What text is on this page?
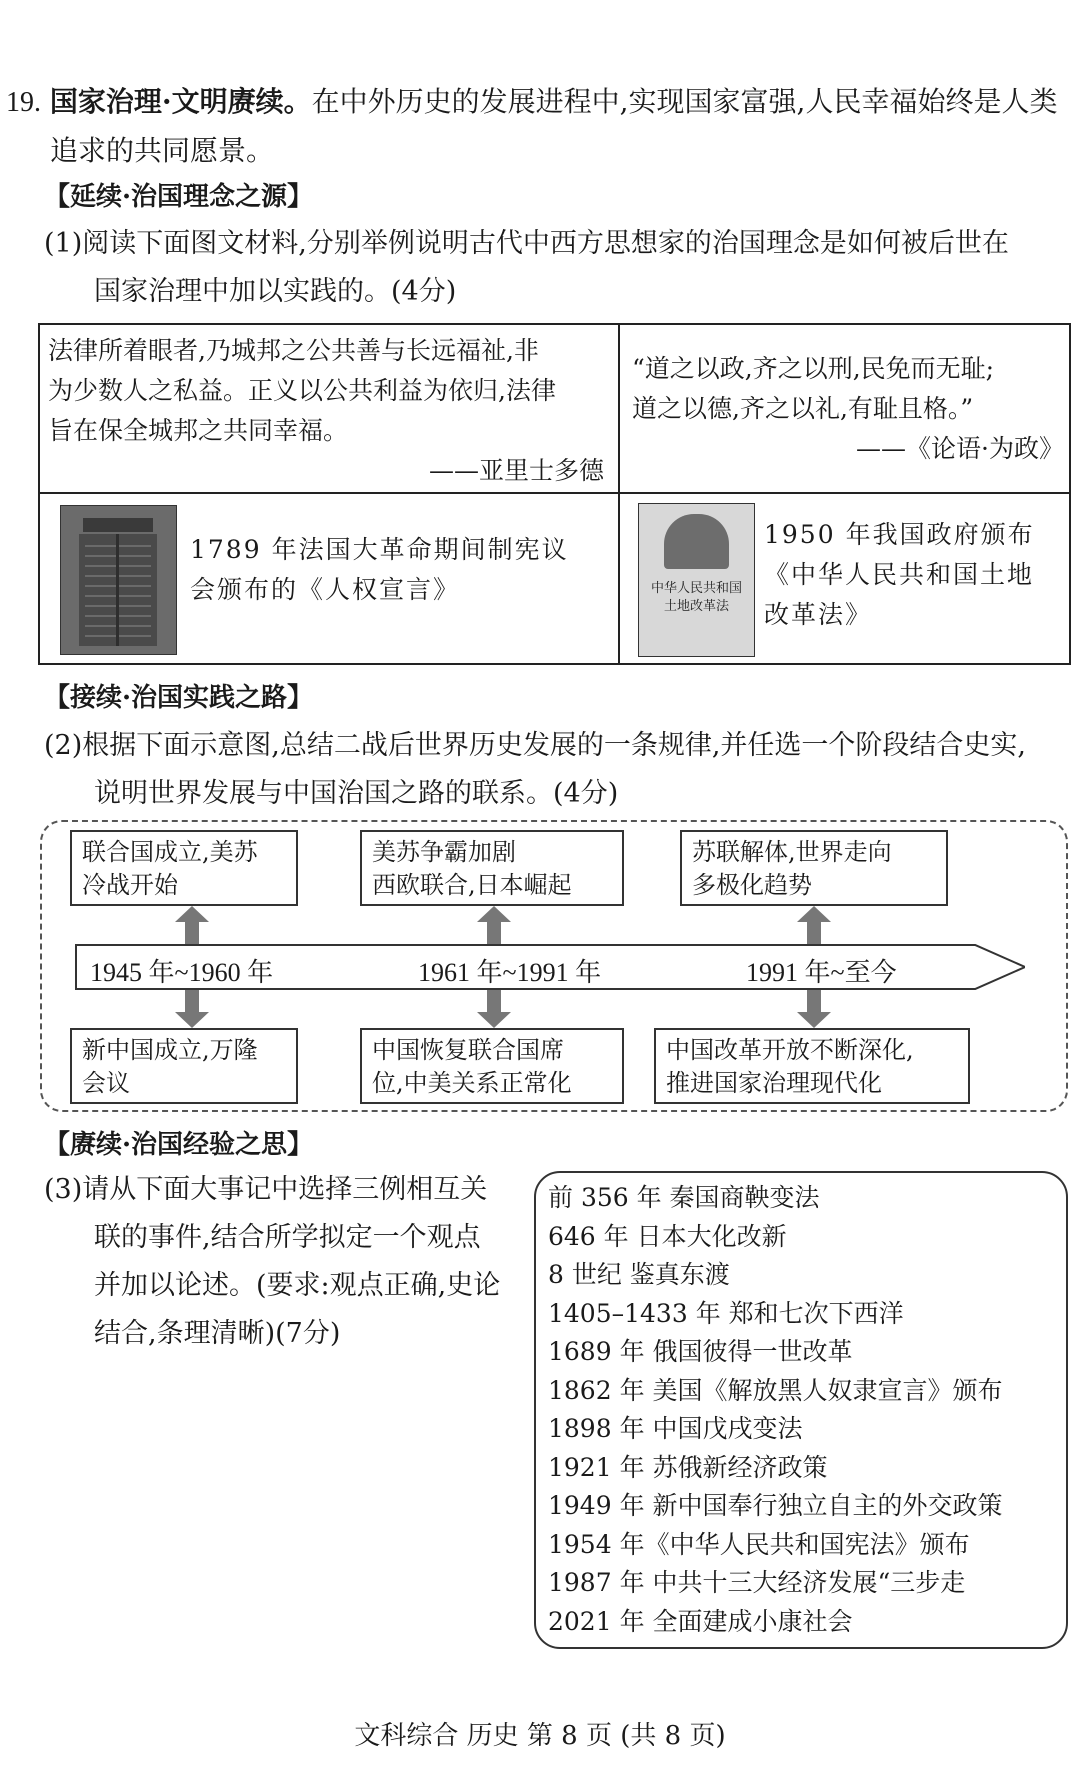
19. 国家治理·文明赓续。在中外历史的发展进程中,实现国家富强,人民幸福始终是人类
追求的共同愿景。
【延续·治国理念之源】
(1)阅读下面图文材料,分别举例说明古代中西方思想家的治国理念是如何被后世在
国家治理中加以实践的。(4分)
法律所着眼者,乃城邦之公共善与长远福祉,非
为少数人之私益。正义以公共利益为依归,法律
旨在保全城邦之共同幸福。
——亚里士多德
“道之以政,齐之以刑,民免而无耻;
道之以德,齐之以礼,有耻且格。”
——《论语·为政》
1789 年法国大革命期间制宪议
会颁布的《人权宣言》	中华人民共和国
土地改革法
1950 年我国政府颁布
《中华人民共和国土地
改革法》
【接续·治国实践之路】
(2)根据下面示意图,总结二战后世界历史发展的一条规律,并任选一个阶段结合史实,
说明世界发展与中国治国之路的联系。(4分)
联合国成立,美苏
冷战开始
美苏争霸加剧
西欧联合,日本崛起
苏联解体,世界走向
多极化趋势
1945 年~1960 年	1961 年~1991 年	1991 年~至今
新中国成立,万隆
会议
中国恢复联合国席
位,中美关系正常化
中国改革开放不断深化,
推进国家治理现代化
【赓续·治国经验之思】
(3)请从下面大事记中选择三例相互关
联的事件,结合所学拟定一个观点
并加以论述。(要求:观点正确,史论
结合,条理清晰)(7分)
前 356 年 秦国商鞅变法
646 年 日本大化改新
8 世纪 鉴真东渡
1405–1433 年 郑和七次下西洋
1689 年 俄国彼得一世改革
1862 年 美国《解放黑人奴隶宣言》颁布
1898 年 中国戊戌变法
1921 年 苏俄新经济政策
1949 年 新中国奉行独立自主的外交政策
1954 年《中华人民共和国宪法》颁布
1987 年 中共十三大经济发展“三步走
2021 年 全面建成小康社会
文科综合 历史 第 8 页 (共 8 页)
